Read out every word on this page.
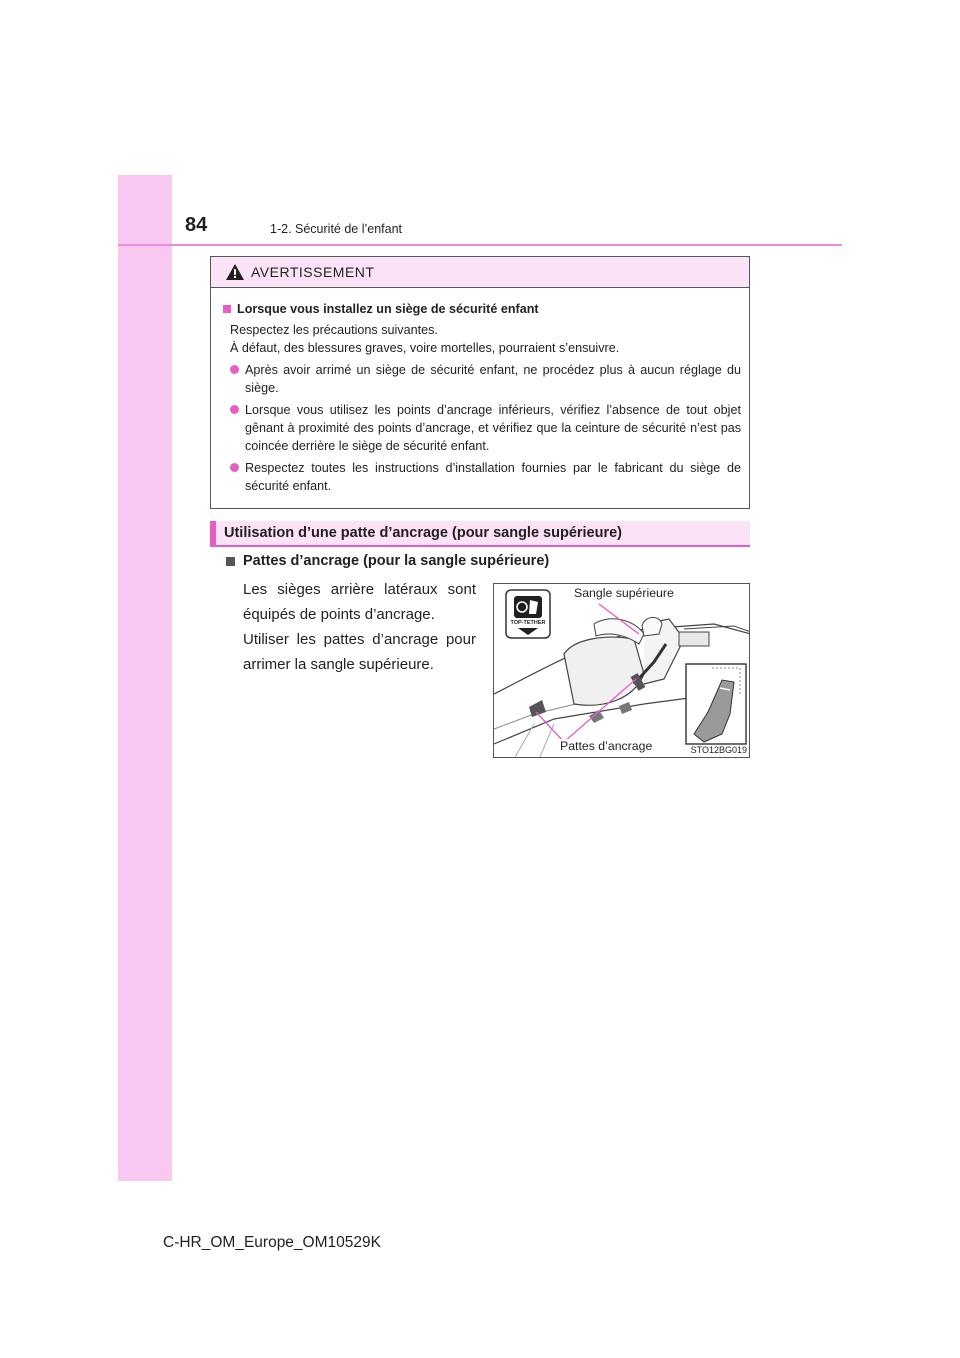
84	1-2. Sécurité de l’enfant
AVERTISSEMENT
Lorsque vous installez un siège de sécurité enfant
Respectez les précautions suivantes.
À défaut, des blessures graves, voire mortelles, pourraient s’ensuivre.
Après avoir arrimé un siège de sécurité enfant, ne procédez plus à aucun réglage du siège.
Lorsque vous utilisez les points d’ancrage inférieurs, vérifiez l’absence de tout objet gênant à proximité des points d’ancrage, et vérifiez que la ceinture de sécurité n’est pas coincée derrière le siège de sécurité enfant.
Respectez toutes les instructions d’installation fournies par le fabricant du siège de sécurité enfant.
Utilisation d’une patte d’ancrage (pour sangle supérieure)
Pattes d’ancrage (pour la sangle supérieure)
Les sièges arrière latéraux sont équipés de points d’ancrage.
Utiliser les pattes d’ancrage pour arrimer la sangle supérieure.
TOP-TETHER
Sangle supérieure
Pattes d’ancrage	STO12BG019
C-HR_OM_Europe_OM10529K
